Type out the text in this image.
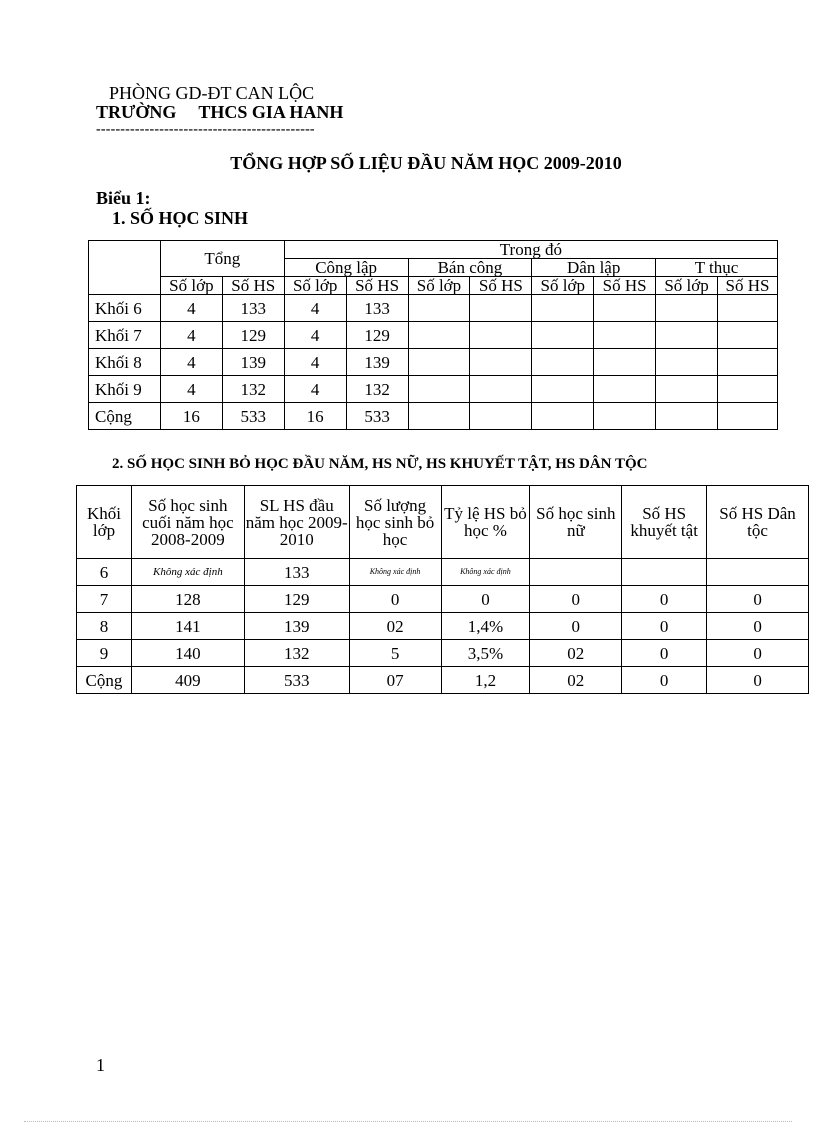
PHÒNG GD-ĐT CAN LỘC
TRƯỜNG THCS GIA HANH
---------------------------------------------
TỔNG HỢP SỐ LIỆU ĐẦU NĂM HỌC 2009-2010
Biểu 1:
1. SỐ HỌC SINH
	Tổng		Trong đó							
			Công lập		Bán công		Dân lập		T thục	
	Số lớp	Số HS	Số lớp	Số HS	Số lớp	Số HS	Số lớp	Số HS	Số lớp	Số HS
Khối 6	4	133	4	133						
Khối 7	4	129	4	129						
Khối 8	4	139	4	139						
Khối 9	4	132	4	132						
Cộng	16	533	16	533						
2. SỐ HỌC SINH BỎ HỌC ĐẦU NĂM, HS NỮ, HS KHUYẾT TẬT, HS DÂN TỘC
Khối lớp	Số học sinh cuối năm học 2008-2009	SL HS đầu năm học 2009-2010	Số lượng học sinh bỏ học	Tỷ lệ HS bỏ học %	Số học sinh nữ	Số HS khuyết tật	Số HS Dân tộc
6	Không xác định	133	Không xác định	Không xác định			
7	128	129	0	0	0	0	0
8	141	139	02	1,4%	0	0	0
9	140	132	5	3,5%	02	0	0
Cộng	409	533	07	1,2	02	0	0
1
